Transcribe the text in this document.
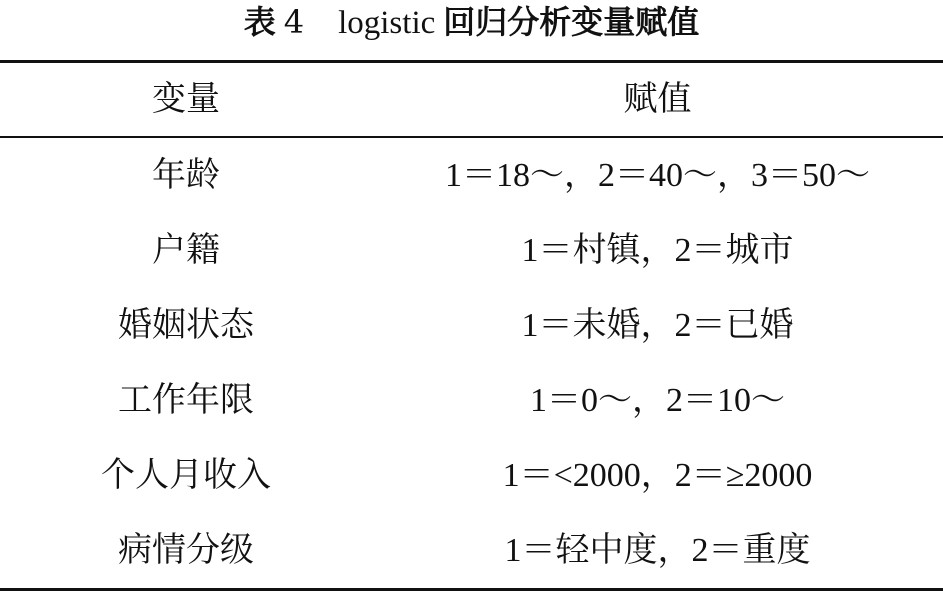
表 4 logistic 回归分析变量赋值
变量	赋值
年龄	1＝18～，2＝40～，3＝50～
户籍	1＝村镇，2＝城市
婚姻状态	1＝未婚，2＝已婚
工作年限	1＝0～，2＝10～
个人月收入	1＝<2000，2＝≥2000
病情分级	1＝轻中度，2＝重度
